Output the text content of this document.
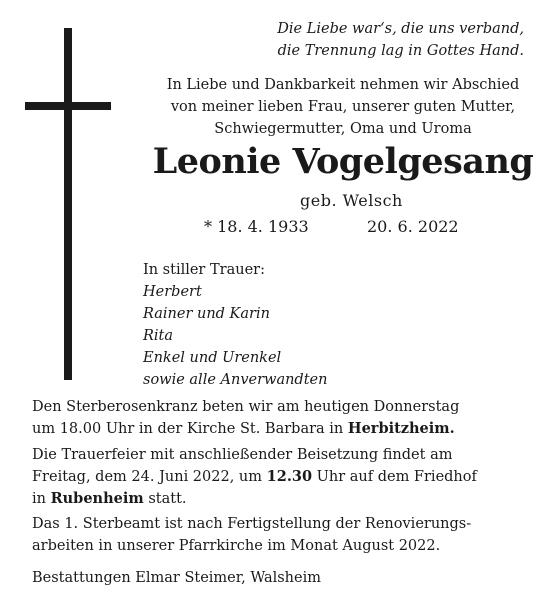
Die Liebe war‘s, die uns verband,
die Trennung lag in Gottes Hand.
In Liebe und Dankbarkeit nehmen wir Abschied
von meiner lieben Frau, unserer guten Mutter,
Schwiegermutter, Oma und Uroma
Leonie Vogelgesang
geb. Welsch
* 18. 4. 1933	20. 6. 2022
In stiller Trauer:
Herbert
Rainer und Karin
Rita
Enkel und Urenkel
sowie alle Anverwandten
Den Sterberosenkranz beten wir am heutigen Donnerstag
um 18.00 Uhr in der Kirche St. Barbara in Herbitzheim.
Die Trauerfeier mit anschließender Beisetzung findet am
Freitag, dem 24. Juni 2022, um 12.30 Uhr auf dem Friedhof
in Rubenheim statt.
Das 1. Sterbeamt ist nach Fertigstellung der Renovierungs-
arbeiten in unserer Pfarrkirche im Monat August 2022.
Bestattungen Elmar Steimer, Walsheim
